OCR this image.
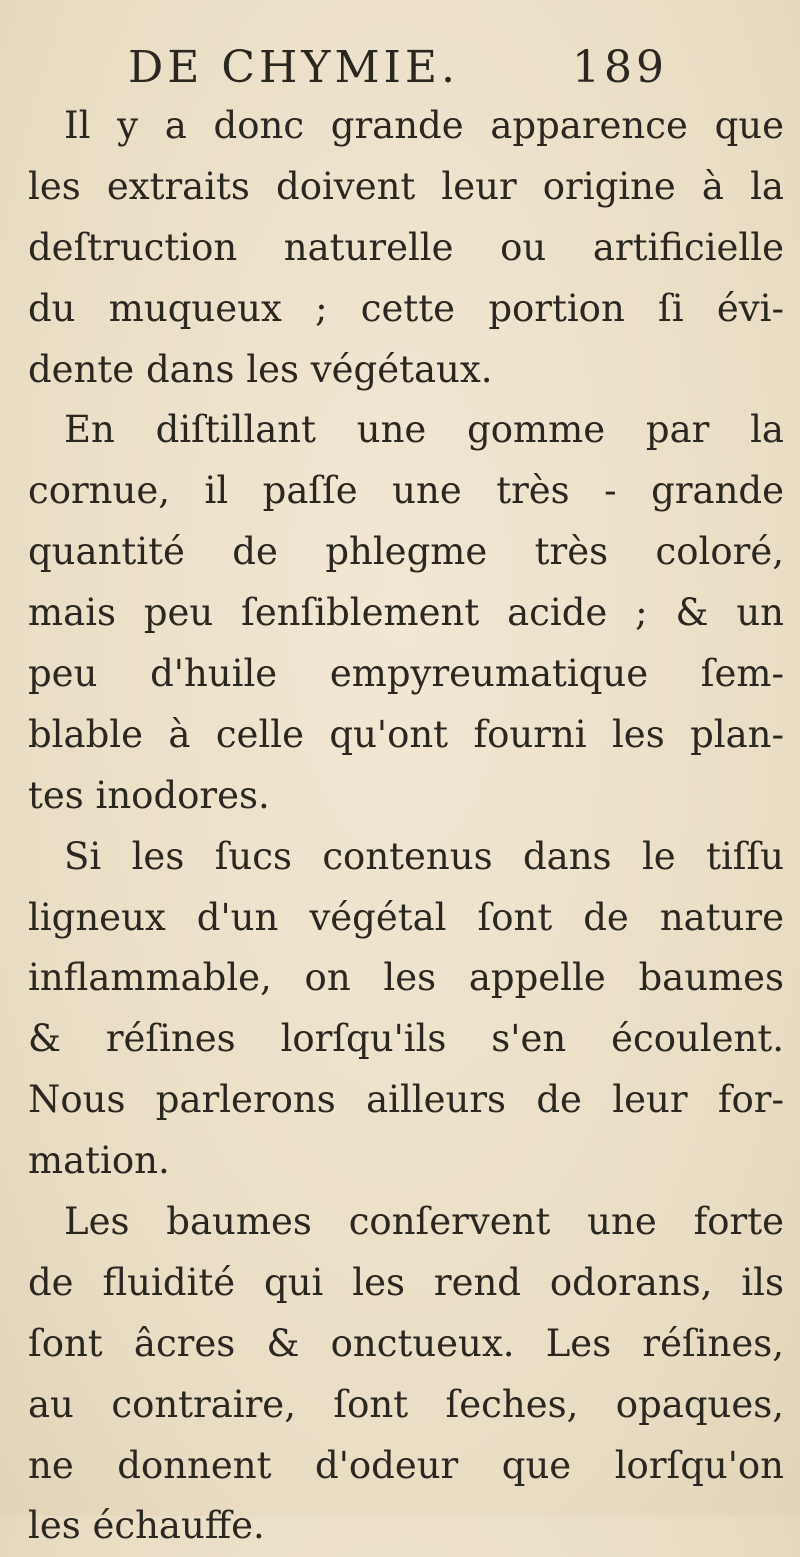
DE CHYMIE.	189
Il y a donc grande apparence que
les extraits doivent leur origine à la
deſtruction naturelle ou artificielle
du muqueux ; cette portion ſi évi-
dente dans les végétaux.
En diſtillant une gomme par la
cornue, il paſſe une très - grande
quantité de phlegme très coloré,
mais peu ſenſiblement acide ; & un
peu d'huile empyreumatique ſem-
blable à celle qu'ont fourni les plan-
tes inodores.
Si les ſucs contenus dans le tiſſu
ligneux d'un végétal ſont de nature
inflammable, on les appelle baumes
& réſines lorſqu'ils s'en écoulent.
Nous parlerons ailleurs de leur for-
mation.
Les baumes conſervent une forte
de fluidité qui les rend odorans, ils
ſont âcres & onctueux. Les réſines,
au contraire, ſont ſeches, opaques,
ne donnent d'odeur que lorſqu'on
les échauffe.
